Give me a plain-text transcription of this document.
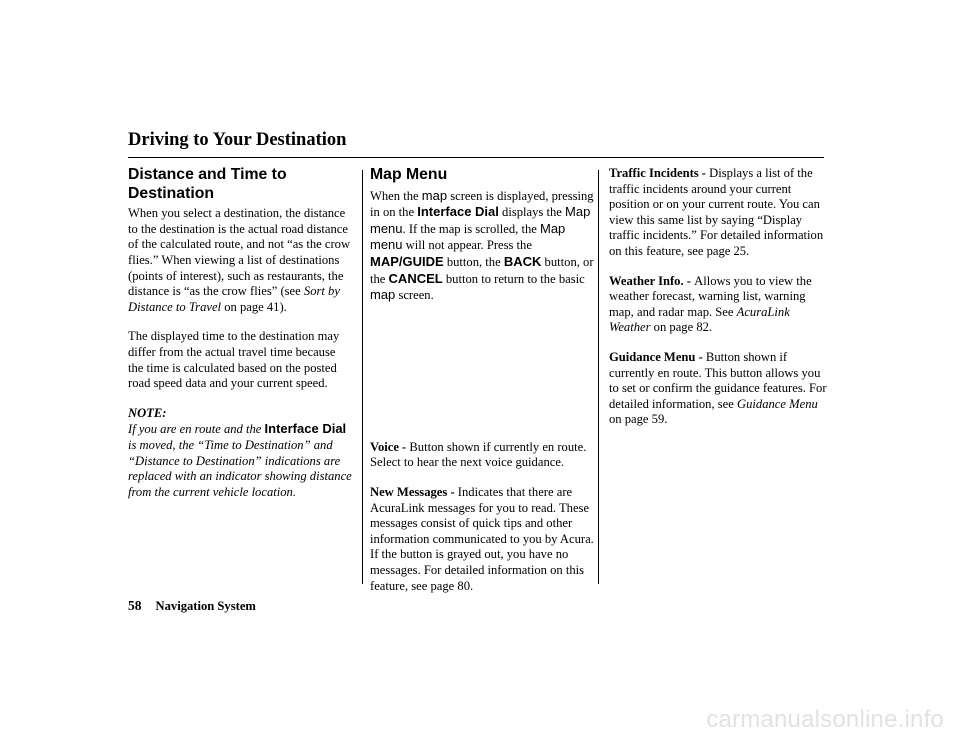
Driving to Your Destination
Distance and Time to Destination

When you select a destination, the distance to the destination is the actual road distance of the calculated route, and not “as the crow flies.” When viewing a list of destinations (points of interest), such as restaurants, the distance is “as the crow flies” (see Sort by Distance to Travel on page 41).

The displayed time to the destination may differ from the actual travel time because the time is calculated based on the posted road speed data and your current speed.

NOTE:
If you are en route and the Interface Dial is moved, the “Time to Destination” and “Distance to Destination” indications are replaced with an indicator showing distance from the current vehicle location.
Map Menu

When the map screen is displayed, pressing in on the Interface Dial displays the Map menu. If the map is scrolled, the Map menu will not appear. Press the MAP/GUIDE button, the BACK button, or the CANCEL button to return to the basic map screen.

Voice - Button shown if currently en route. Select to hear the next voice guidance.

New Messages - Indicates that there are AcuraLink messages for you to read. These messages consist of quick tips and other information communicated to you by Acura. If the button is grayed out, you have no messages. For detailed information on this feature, see page 80.

Traffic Incidents - Displays a list of the traffic incidents around your current position or on your current route. You can view this same list by saying “Display traffic incidents.” For detailed information on this feature, see page 25.

Weather Info. - Allows you to view the weather forecast, warning list, warning map, and radar map. See AcuraLink Weather on page 82.

Guidance Menu - Button shown if currently en route. This button allows you to set or confirm the guidance features. For detailed information, see Guidance Menu on page 59.

58 Navigation System
carmanualsonline.info
